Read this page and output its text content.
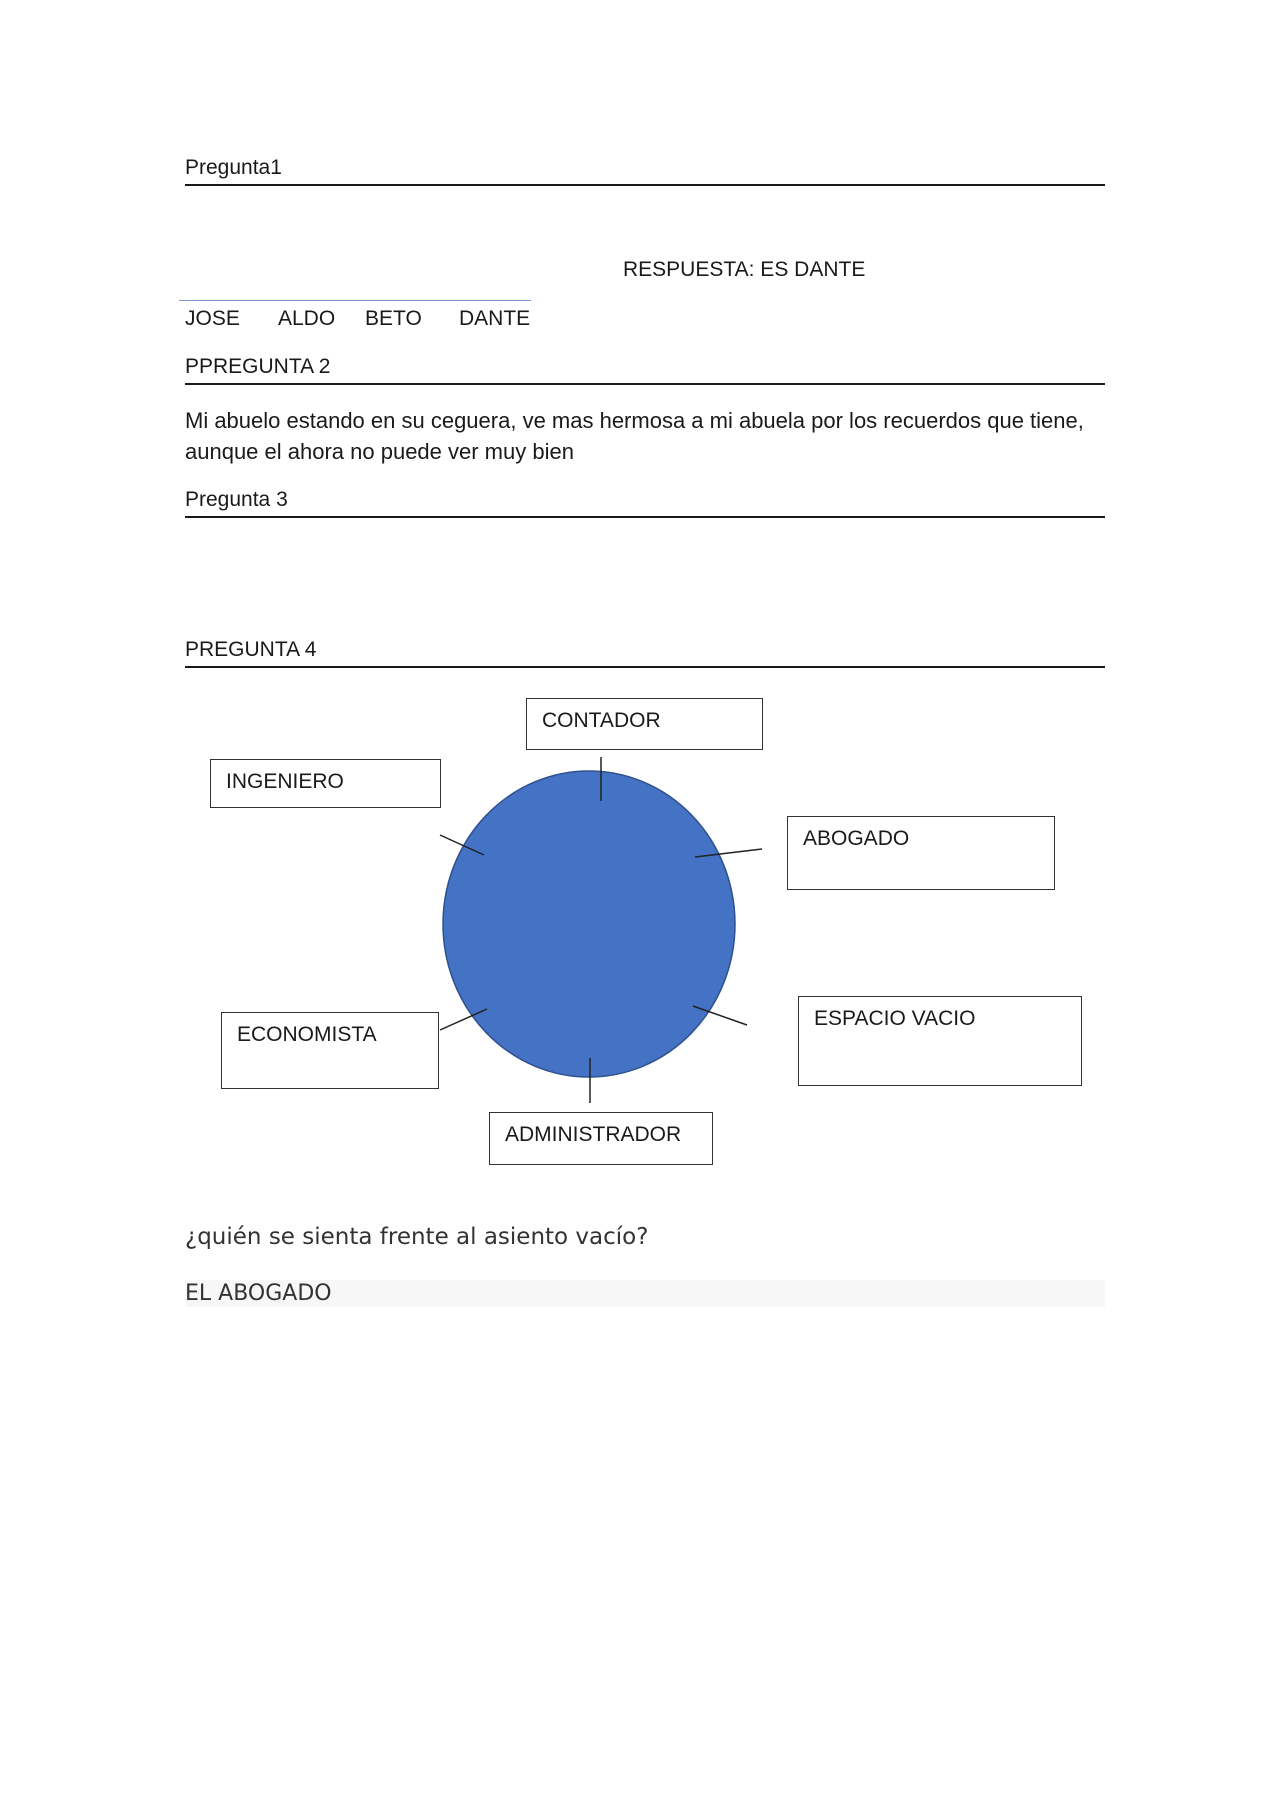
Pregunta1
RESPUESTA: ES DANTE
JOSE ALDO BETO DANTE
PPREGUNTA 2
Mi abuelo estando en su ceguera, ve mas hermosa a mi abuela por los recuerdos que tiene, aunque el ahora no puede ver muy bien
Pregunta 3
PREGUNTA 4
CONTADOR
INGENIERO
ABOGADO
ESPACIO VACIO
ECONOMISTA
ADMINISTRADOR
¿quién se sienta frente al asiento vacío?
EL ABOGADO
